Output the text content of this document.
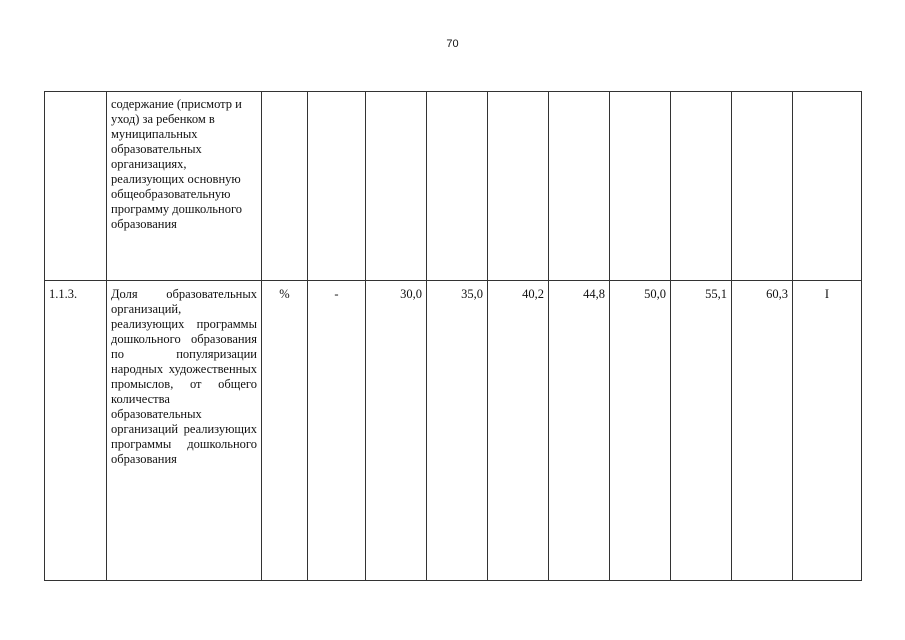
70
	содержание (присмотр и уход) за ребенком в муниципальных образовательных организациях, реализующих основную общеобразовательную программу дошкольного образования										
1.1.3.	Доля образовательных организаций, реализующих программы дошкольного образования по популяризации народных художественных промыслов, от общего количества образовательных организаций реализующих программы дошкольного образования	%	-	30,0	35,0	40,2	44,8	50,0	55,1	60,3	I
